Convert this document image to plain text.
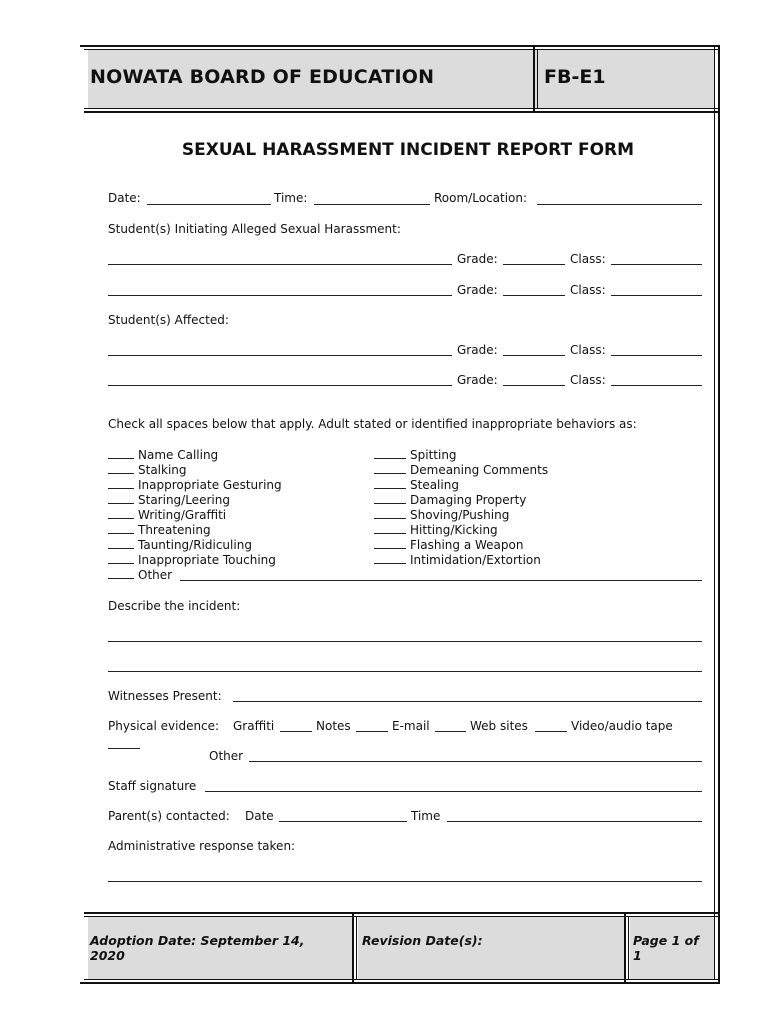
NOWATA BOARD OF EDUCATION	FB-E1
SEXUAL HARASSMENT INCIDENT REPORT FORM
Date:	Time:	Room/Location:
Student(s) Initiating Alleged Sexual Harassment:
Grade:	Class:
Grade:	Class:
Student(s) Affected:
Grade:	Class:
Grade:	Class:
Check all spaces below that apply. Adult stated or identified inappropriate behaviors as:
Name Calling
Stalking
Inappropriate Gesturing
Staring/Leering
Writing/Graffiti
Threatening
Taunting/Ridiculing
Inappropriate Touching
Spitting
Demeaning Comments
Stealing
Damaging Property
Shoving/Pushing
Hitting/Kicking
Flashing a Weapon
Intimidation/Extortion
Other
Describe the incident:
Witnesses Present:
Physical evidence: Graffiti	Notes	E-mail	Web sites	Video/audio tape
Other
Staff signature
Parent(s) contacted: Date	Time
Administrative response taken:
Adoption Date: September 14,
2020
Revision Date(s):	Page 1 of
1
